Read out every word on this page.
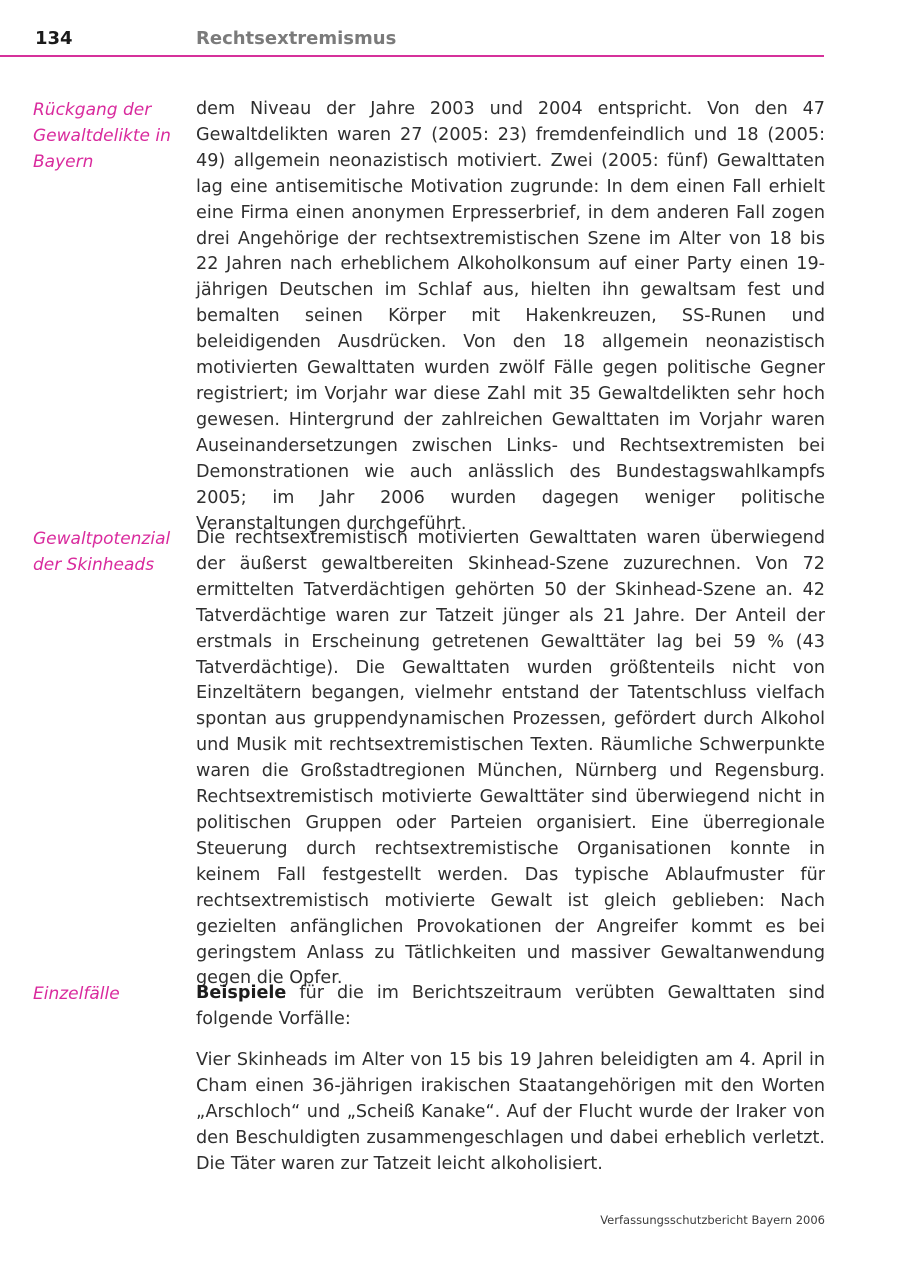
134	Rechtsextremismus
Rückgang der Gewaltdelikte in Bayern

dem Niveau der Jahre 2003 und 2004 entspricht. Von den 47 Gewaltdelikten waren 27 (2005: 23) fremdenfeindlich und 18 (2005: 49) allgemein neonazistisch motiviert. Zwei (2005: fünf) Gewalttaten lag eine antisemitische Motivation zugrunde: In dem einen Fall erhielt eine Firma einen anonymen Erpresserbrief, in dem anderen Fall zogen drei Angehörige der rechtsextremistischen Szene im Alter von 18 bis 22 Jahren nach erheblichem Alkoholkonsum auf einer Party einen 19-jährigen Deutschen im Schlaf aus, hielten ihn gewaltsam fest und bemalten seinen Körper mit Hakenkreuzen, SS-Runen und beleidigenden Ausdrücken. Von den 18 allgemein neonazistisch motivierten Gewalttaten wurden zwölf Fälle gegen politische Gegner registriert; im Vorjahr war diese Zahl mit 35 Gewaltdelikten sehr hoch gewesen. Hintergrund der zahlreichen Gewalttaten im Vorjahr waren Auseinandersetzungen zwischen Links- und Rechtsextremisten bei Demonstrationen wie auch anlässlich des Bundestagswahlkampfs 2005; im Jahr 2006 wurden dagegen weniger politische Veranstaltungen durchgeführt.

Gewaltpotenzial der Skinheads

Die rechtsextremistisch motivierten Gewalttaten waren überwiegend der äußerst gewaltbereiten Skinhead-Szene zuzurechnen. Von 72 ermittelten Tatverdächtigen gehörten 50 der Skinhead-Szene an. 42 Tatverdächtige waren zur Tatzeit jünger als 21 Jahre. Der Anteil der erstmals in Erscheinung getretenen Gewalttäter lag bei 59 % (43 Tatverdächtige). Die Gewalttaten wurden größtenteils nicht von Einzeltätern begangen, vielmehr entstand der Tatentschluss vielfach spontan aus gruppendynamischen Prozessen, gefördert durch Alkohol und Musik mit rechtsextremistischen Texten. Räumliche Schwerpunkte waren die Großstadtregionen München, Nürnberg und Regensburg. Rechtsextremistisch motivierte Gewalttäter sind überwiegend nicht in politischen Gruppen oder Parteien organisiert. Eine überregionale Steuerung durch rechtsextremistische Organisationen konnte in keinem Fall festgestellt werden. Das typische Ablaufmuster für rechtsextremistisch motivierte Gewalt ist gleich geblieben: Nach gezielten anfänglichen Provokationen der Angreifer kommt es bei geringstem Anlass zu Tätlichkeiten und massiver Gewaltanwendung gegen die Opfer.

Einzelfälle	Beispiele für die im Berichtszeitraum verübten Gewalttaten sind folgende Vorfälle:

Vier Skinheads im Alter von 15 bis 19 Jahren beleidigten am 4. April in Cham einen 36-jährigen irakischen Staatangehörigen mit den Worten „Arschloch“ und „Scheiß Kanake“. Auf der Flucht wurde der Iraker von den Beschuldigten zusammengeschlagen und dabei erheblich verletzt. Die Täter waren zur Tatzeit leicht alkoholisiert.

Verfassungsschutzbericht Bayern 2006
